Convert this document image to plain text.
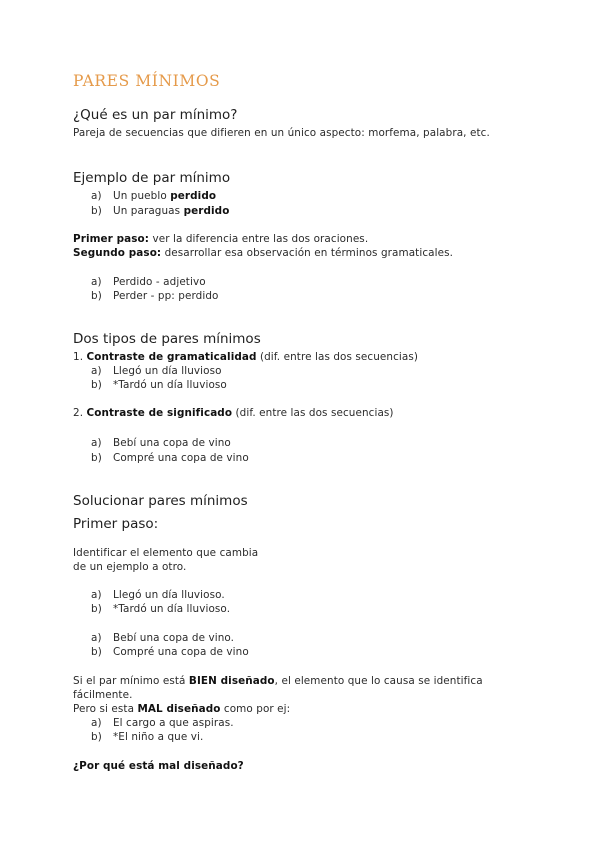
PARES MÍNIMOS
¿Qué es un par mínimo?
Pareja de secuencias que difieren en un único aspecto: morfema, palabra, etc.
Ejemplo de par mínimo
a) Un pueblo perdido
b) Un paraguas perdido
Primer paso: ver la diferencia entre las dos oraciones.
Segundo paso: desarrollar esa observación en términos gramaticales.
a) Perdido - adjetivo
b) Perder - pp: perdido
Dos tipos de pares mínimos
1. Contraste de gramaticalidad (dif. entre las dos secuencias)
a) Llegó un día lluvioso
b) *Tardó un día lluvioso
2. Contraste de significado (dif. entre las dos secuencias)
a) Bebí una copa de vino
b) Compré una copa de vino
Solucionar pares mínimos
Primer paso:
Identificar el elemento que cambia
de un ejemplo a otro.
a) Llegó un día lluvioso.
b) *Tardó un día lluvioso.
a) Bebí una copa de vino.
b) Compré una copa de vino
Si el par mínimo está BIEN diseñado, el elemento que lo causa se identifica
fácilmente.
Pero si esta MAL diseñado como por ej:
a) El cargo a que aspiras.
b) *El niño a que vi.
¿Por qué está mal diseñado?
